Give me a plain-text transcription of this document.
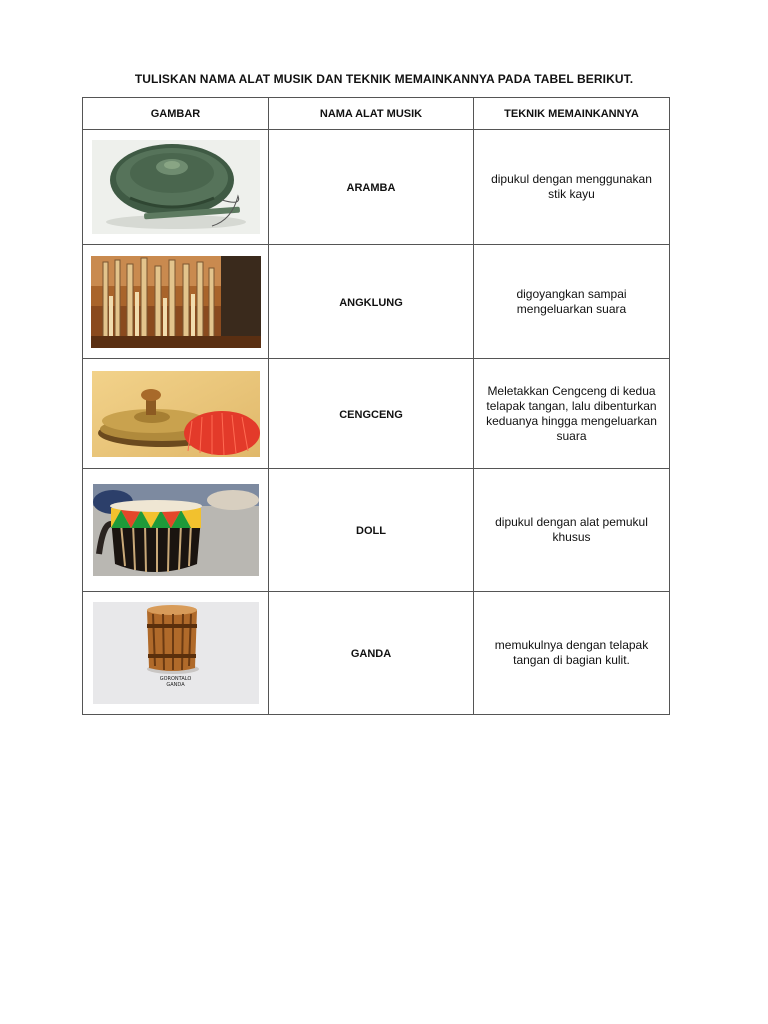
TULISKAN NAMA ALAT MUSIK DAN TEKNIK MEMAINKANNYA PADA TABEL BERIKUT.
GAMBAR	NAMA ALAT MUSIK	TEKNIK MEMAINKANNYA

	ARAMBA	dipukul dengan menggunakan stik kayu

	ANGKLUNG	digoyangkan sampai mengeluarkan suara

	CENGCENG	Meletakkan Cengceng di kedua telapak tangan, lalu dibenturkan keduanya hingga mengeluarkan suara

	DOLL	dipukul dengan alat pemukul khusus

GORONTALO
GANDA	GANDA	memukulnya dengan telapak tangan di bagian kulit.
